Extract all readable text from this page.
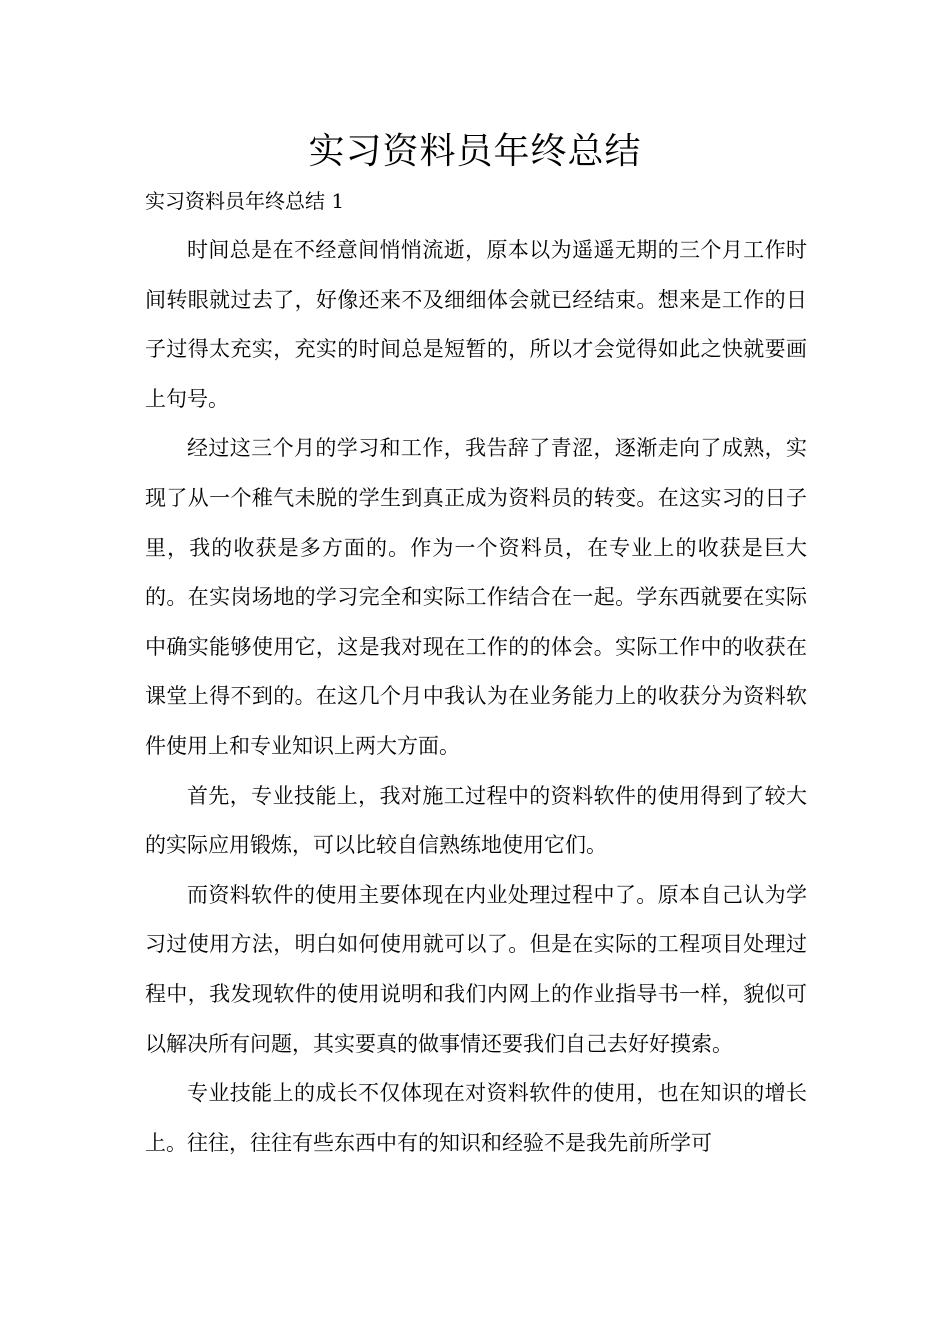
实习资料员年终总结
实习资料员年终总结 1

时间总是在不经意间悄悄流逝，原本以为遥遥无期的三个月工作时间转眼就过去了，好像还来不及细细体会就已经结束。想来是工作的日子过得太充实，充实的时间总是短暂的，所以才会觉得如此之快就要画上句号。

经过这三个月的学习和工作，我告辞了青涩，逐渐走向了成熟，实现了从一个稚气未脱的学生到真正成为资料员的转变。在这实习的日子里，我的收获是多方面的。作为一个资料员，在专业上的收获是巨大的。在实岗场地的学习完全和实际工作结合在一起。学东西就要在实际中确实能够使用它，这是我对现在工作的的体会。实际工作中的收获在课堂上得不到的。在这几个月中我认为在业务能力上的收获分为资料软件使用上和专业知识上两大方面。

首先，专业技能上，我对施工过程中的资料软件的使用得到了较大的实际应用锻炼，可以比较自信熟练地使用它们。

而资料软件的使用主要体现在内业处理过程中了。原本自己认为学习过使用方法，明白如何使用就可以了。但是在实际的工程项目处理过程中，我发现软件的使用说明和我们内网上的作业指导书一样，貌似可以解决所有问题，其实要真的做事情还要我们自己去好好摸索。

专业技能上的成长不仅体现在对资料软件的使用，也在知识的增长上。往往，往往有些东西中有的知识和经验不是我先前所学可
